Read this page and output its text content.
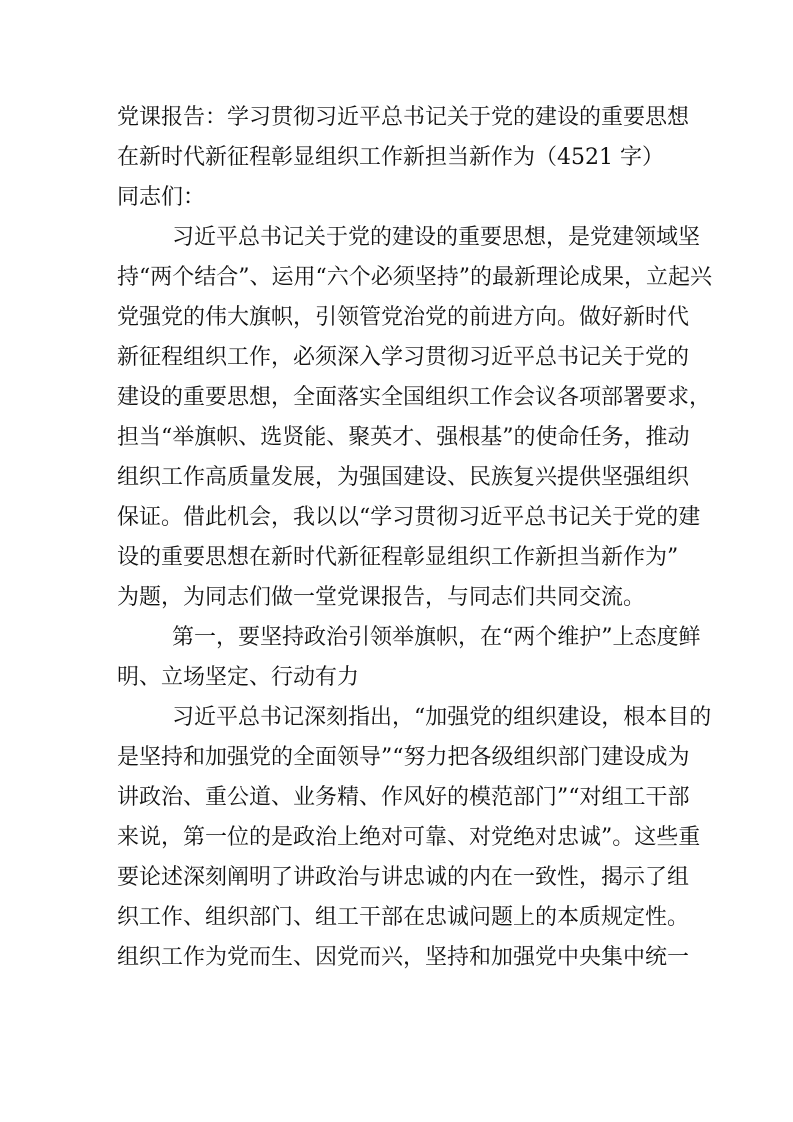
党课报告：学习贯彻习近平总书记关于党的建设的重要思想
在新时代新征程彰显组织工作新担当新作为（4521 字）
同志们：
习近平总书记关于党的建设的重要思想，是党建领域坚
持“两个结合”、运用“六个必须坚持”的最新理论成果，立起兴
党强党的伟大旗帜，引领管党治党的前进方向。做好新时代
新征程组织工作，必须深入学习贯彻习近平总书记关于党的
建设的重要思想，全面落实全国组织工作会议各项部署要求，
担当“举旗帜、选贤能、聚英才、强根基”的使命任务，推动
组织工作高质量发展，为强国建设、民族复兴提供坚强组织
保证。借此机会，我以以“学习贯彻习近平总书记关于党的建
设的重要思想在新时代新征程彰显组织工作新担当新作为”
为题，为同志们做一堂党课报告，与同志们共同交流。
第一，要坚持政治引领举旗帜，在“两个维护”上态度鲜
明、立场坚定、行动有力
习近平总书记深刻指出，“加强党的组织建设，根本目的
是坚持和加强党的全面领导”“努力把各级组织部门建设成为
讲政治、重公道、业务精、作风好的模范部门”“对组工干部
来说，第一位的是政治上绝对可靠、对党绝对忠诚”。这些重
要论述深刻阐明了讲政治与讲忠诚的内在一致性，揭示了组
织工作、组织部门、组工干部在忠诚问题上的本质规定性。
组织工作为党而生、因党而兴，坚持和加强党中央集中统一
